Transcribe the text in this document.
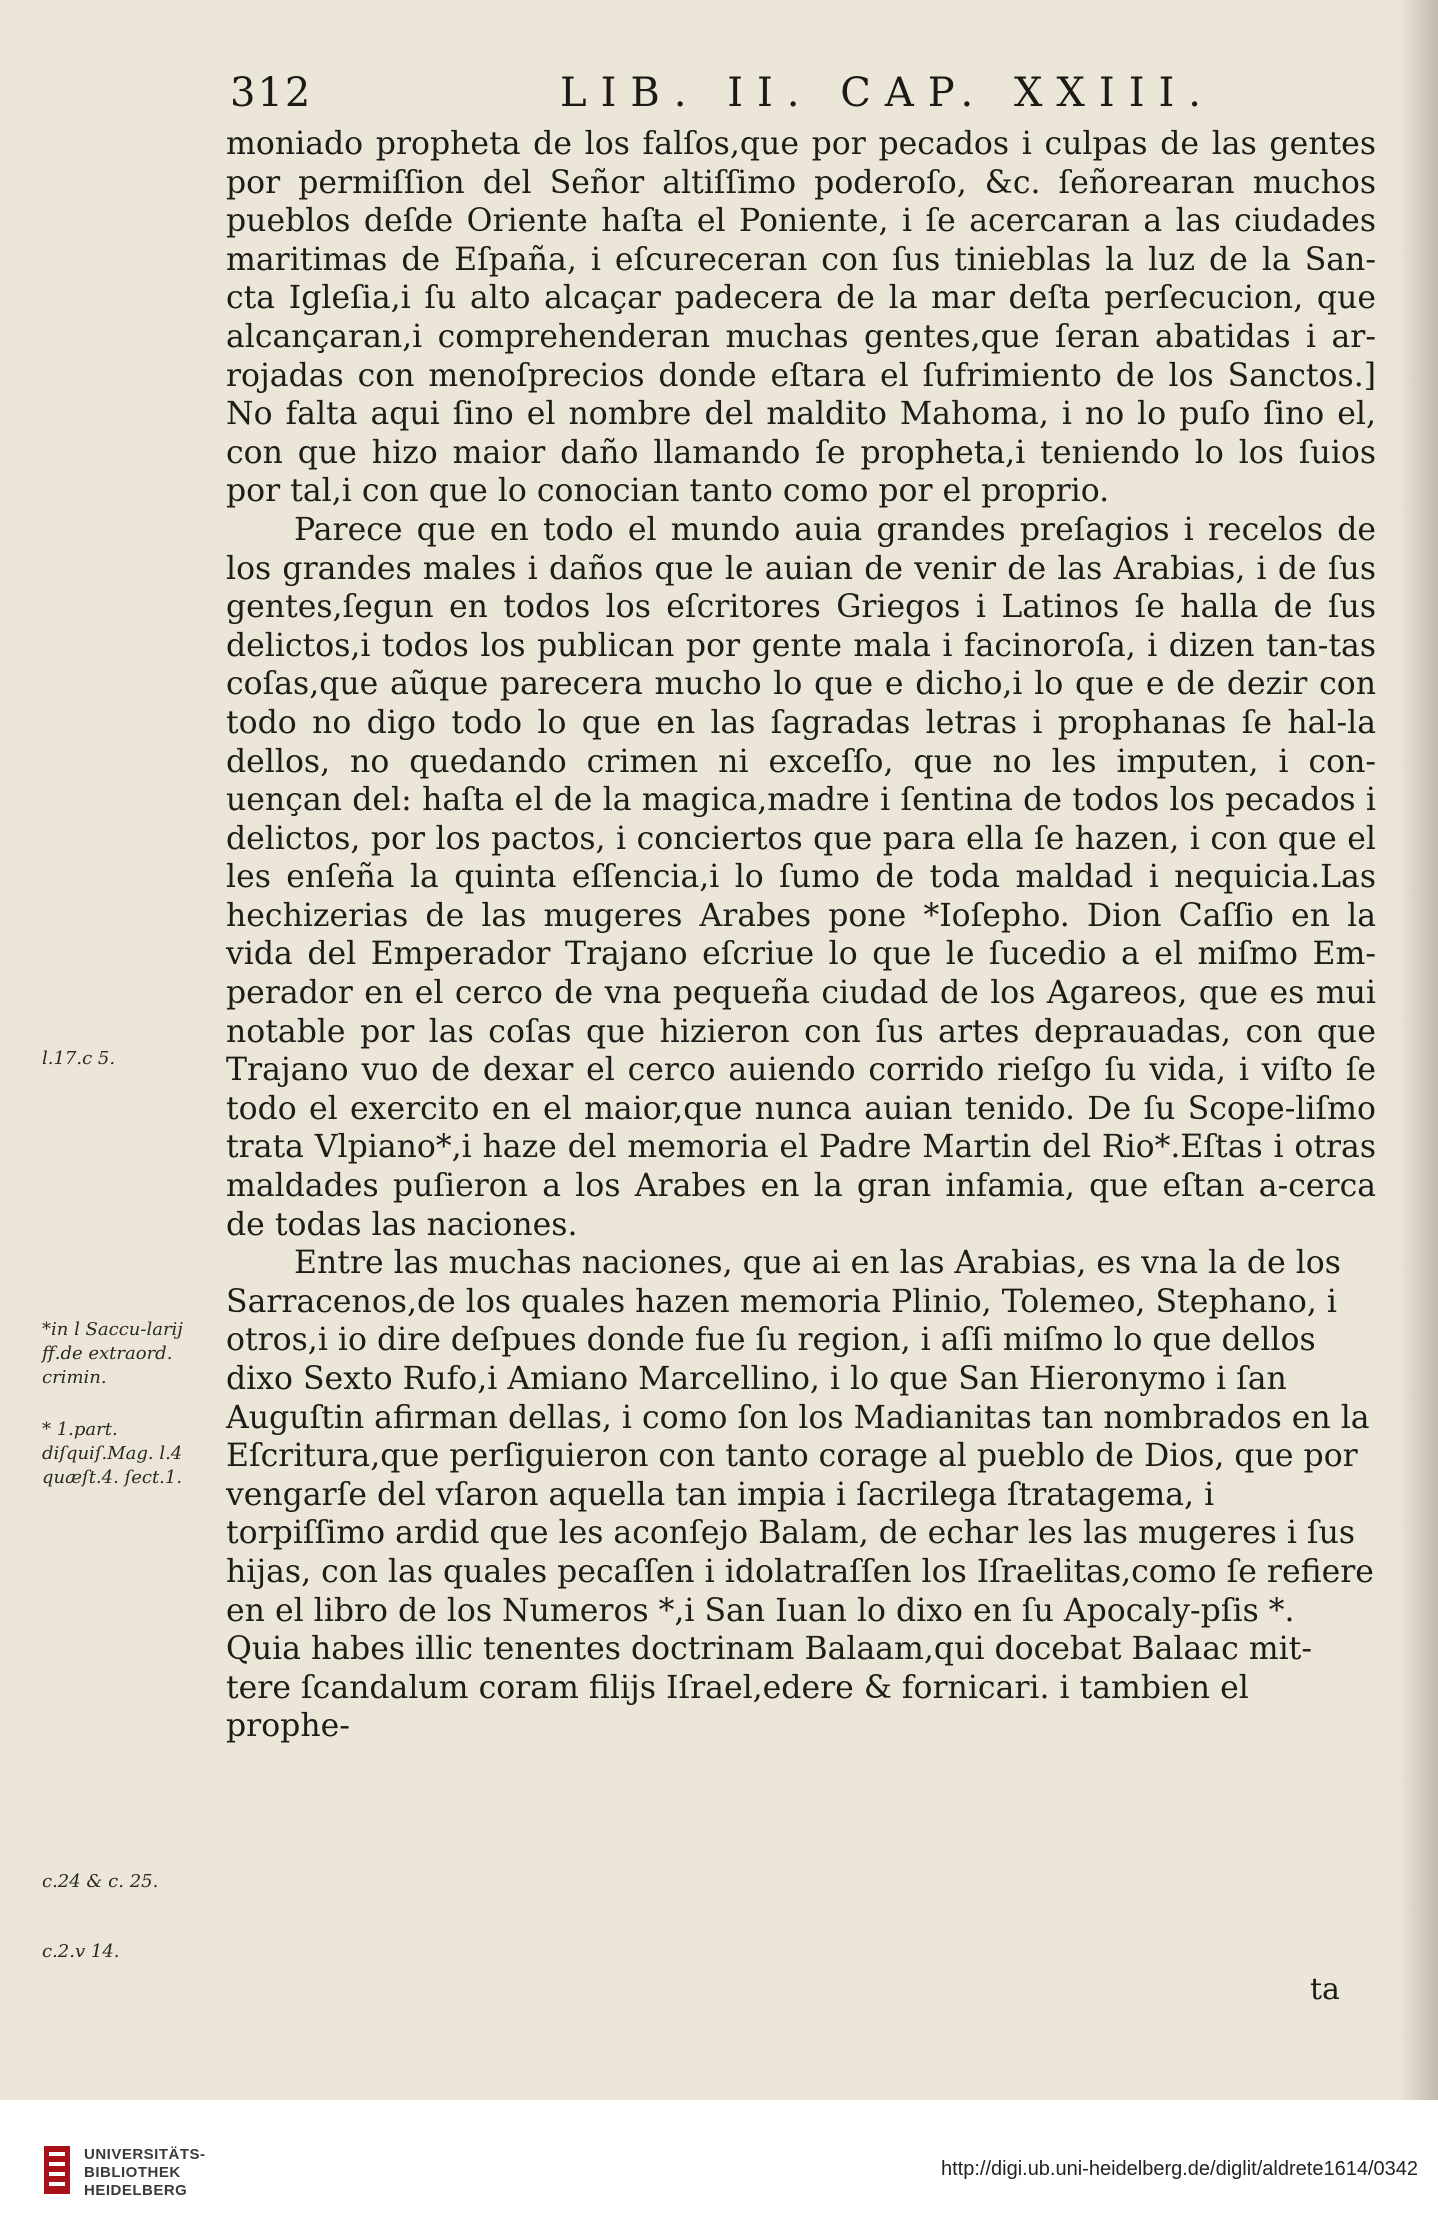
312	LIB. II. CAP. XXIII.

moniado propheta de los falſos,que por pecados i culpas de las gentes por permiſſion del Señor altiſſimo poderoſo, &c. ſeñorearan muchos pueblos deſde Oriente haſta el Poniente, i ſe acercaran a las ciudades maritimas de Eſpaña, i eſcureceran con ſus tinieblas la luz de la San-cta Igleſia,i ſu alto alcaçar padecera de la mar deſta perſecucion, que alcançaran,i comprehenderan muchas gentes,que ſeran abatidas i ar-rojadas con menoſprecios donde eſtara el ſufrimiento de los Sanctos.] No falta aqui ſino el nombre del maldito Mahoma, i no lo puſo ſino el, con que hizo maior daño llamando ſe propheta,i teniendo lo los ſuios por tal,i con que lo conocian tanto como por el proprio.

Parece que en todo el mundo auia grandes preſagios i recelos de los grandes males i daños que le auian de venir de las Arabias, i de ſus gentes,ſegun en todos los eſcritores Griegos i Latinos ſe halla de ſus delictos,i todos los publican por gente mala i facinoroſa, i dizen tan-tas coſas,que aũque parecera mucho lo que e dicho,i lo que e de dezir con todo no digo todo lo que en las ſagradas letras i prophanas ſe hal-la dellos, no quedando crimen ni exceſſo, que no les imputen, i con-uençan del: haſta el de la magica,madre i ſentina de todos los pecados i delictos, por los pactos, i conciertos que para ella ſe hazen, i con que el les enſeña la quinta eſſencia,i lo ſumo de toda maldad i nequicia.Las hechizerias de las mugeres Arabes pone *Ioſepho. Dion Caſſio en la vida del Emperador Trajano eſcriue lo que le ſucedio a el miſmo Em-perador en el cerco de vna pequeña ciudad de los Agareos, que es mui notable por las coſas que hizieron con ſus artes deprauadas, con que Trajano vuo de dexar el cerco auiendo corrido rieſgo ſu vida, i viſto ſe todo el exercito en el maior,que nunca auian tenido. De ſu Scope-liſmo trata Vlpiano*,i haze del memoria el Padre Martin del Rio*.Eſtas i otras maldades puſieron a los Arabes en la gran infamia, que eſtan a-cerca de todas las naciones.

Entre las muchas naciones, que ai en las Arabias, es vna la de los Sarracenos,de los quales hazen memoria Plinio, Tolemeo, Stephano, i otros,i io dire deſpues donde fue ſu region, i aſſi miſmo lo que dellos dixo Sexto Rufo,i Amiano Marcellino, i lo que San Hieronymo i ſan Auguſtin afirman dellas, i como ſon los Madianitas tan nombrados en la Eſcritura,que perſiguieron con tanto corage al pueblo de Dios, que por vengarſe del vſaron aquella tan impia i ſacrilega ſtratagema, i torpiſſimo ardid que les aconſejo Balam, de echar les las mugeres i ſus hijas, con las quales pecaſſen i idolatraſſen los Iſraelitas,como ſe refiere en el libro de los Numeros *,i San Iuan lo dixo en ſu Apocaly-pſis *. Quia habes illic tenentes doctrinam Balaam,qui docebat Balaac mit-tere ſcandalum coram filijs Iſrael,edere & fornicari. i tambien el prophe-

ta
l.17.c 5.
*in l Saccu-larij ff.de extraord. crimin.
* 1.part. diſquiſ.Mag. l.4 quæſt.4. ſect.1.
c.24 & c. 25.
c.2.v 14.
UNIVERSITÄTS-
BIBLIOTHEK
HEIDELBERG
http://digi.ub.uni-heidelberg.de/diglit/aldrete1614/0342
